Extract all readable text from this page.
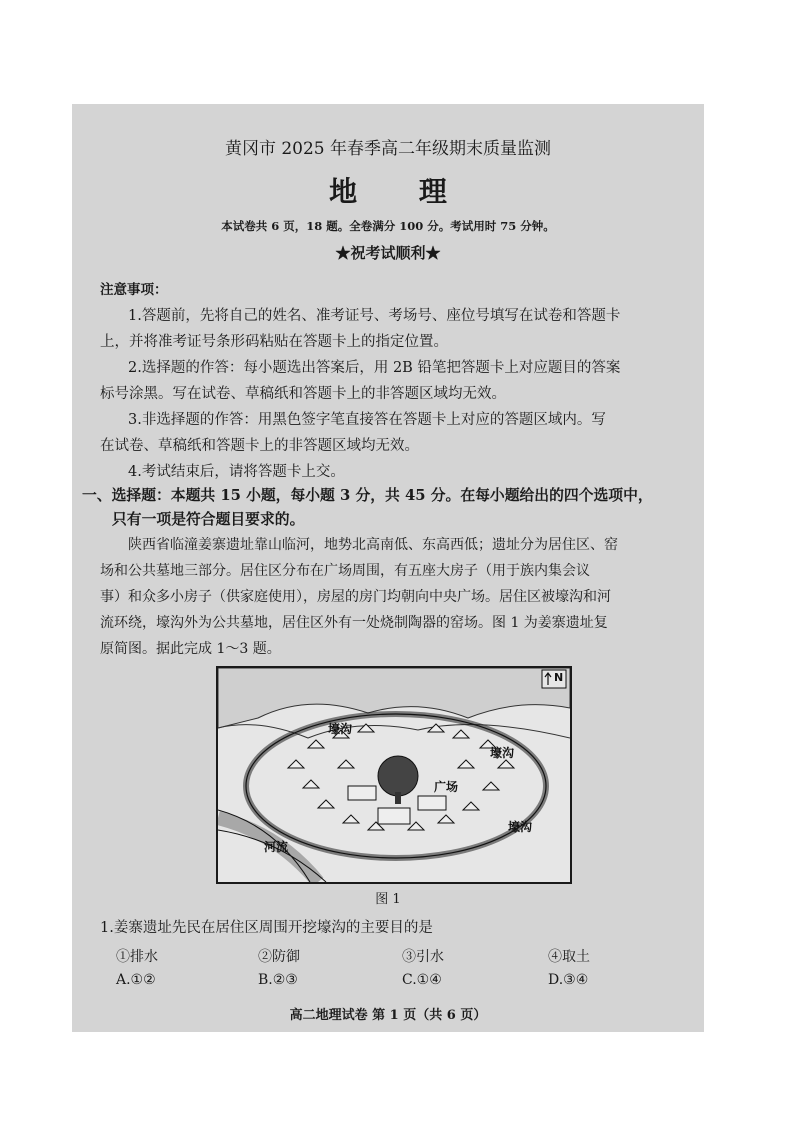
黄冈市 2025 年春季高二年级期末质量监测
地 理
本试卷共 6 页，18 题。全卷满分 100 分。考试用时 75 分钟。
★祝考试顺利★
注意事项：
1.答题前，先将自己的姓名、准考证号、考场号、座位号填写在试卷和答题卡
上，并将准考证号条形码粘贴在答题卡上的指定位置。
2.选择题的作答：每小题选出答案后，用 2B 铅笔把答题卡上对应题目的答案
标号涂黑。写在试卷、草稿纸和答题卡上的非答题区域均无效。
3.非选择题的作答：用黑色签字笔直接答在答题卡上对应的答题区域内。写
在试卷、草稿纸和答题卡上的非答题区域均无效。
4.考试结束后，请将答题卡上交。
一、选择题：本题共 15 小题，每小题 3 分，共 45 分。在每小题给出的四个选项中，
只有一项是符合题目要求的。
陕西省临潼姜寨遗址靠山临河，地势北高南低、东高西低；遗址分为居住区、窑
场和公共墓地三部分。居住区分布在广场周围，有五座大房子（用于族内集会议
事）和众多小房子（供家庭使用），房屋的房门均朝向中央广场。居住区被壕沟和河
流环绕，壕沟外为公共墓地，居住区外有一处烧制陶器的窑场。图 1 为姜寨遗址复
原简图。据此完成 1～3 题。
N
壕沟
壕沟
壕沟
广场
河流
图 1
1.姜寨遗址先民在居住区周围开挖壕沟的主要目的是
①排水	②防御	③引水	④取土
A.①②	B.②③	C.①④	D.③④
高二地理试卷 第 1 页（共 6 页）
